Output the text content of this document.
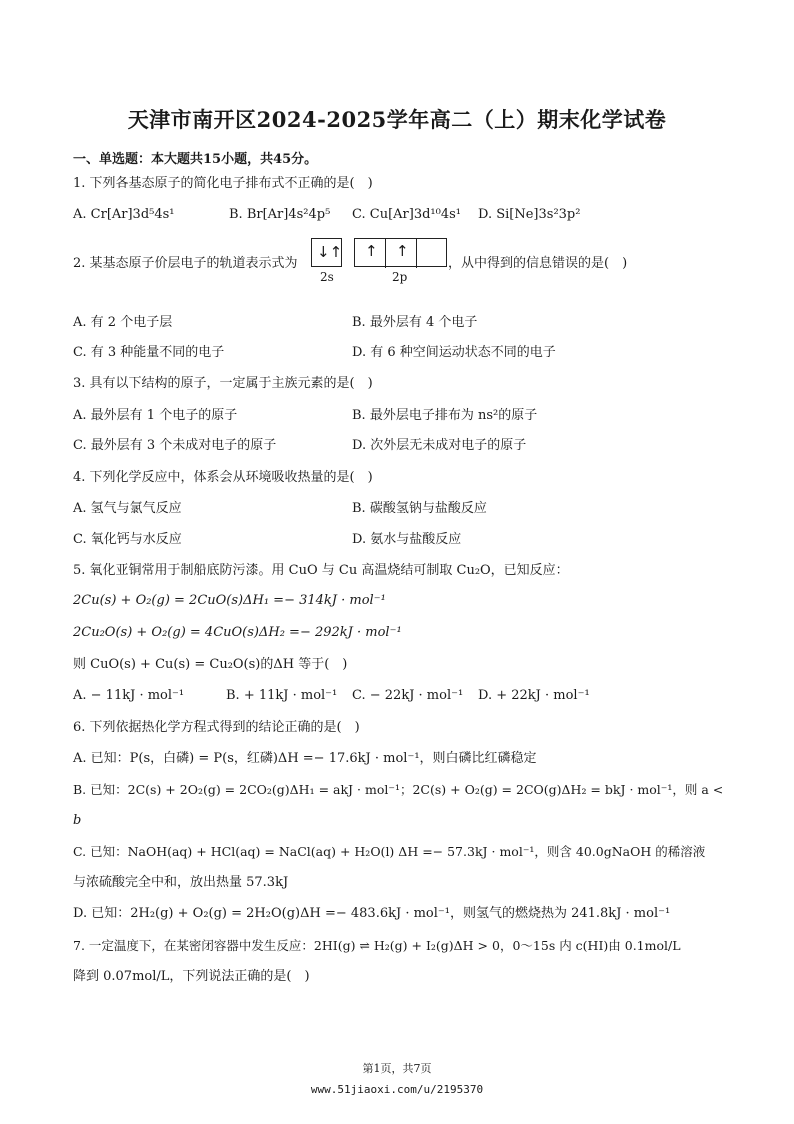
天津市南开区2024-2025学年高二（上）期末化学试卷
一、单选题：本大题共15小题，共45分。
1. 下列各基态原子的简化电子排布式不正确的是(　)
A. Cr[Ar]3d⁵4s¹	B. Br[Ar]4s²4p⁵ C. Cu[Ar]3d¹⁰4s¹ D. Si[Ne]3s²3p²
2. 某基态原子价层电子的轨道表示式为
↓↑ ↑ ↑
2s	2p
，从中得到的信息错误的是(　)
A. 有 2 个电子层	B. 最外层有 4 个电子
C. 有 3 种能量不同的电子	D. 有 6 种空间运动状态不同的电子
3. 具有以下结构的原子，一定属于主族元素的是(　)
A. 最外层有 1 个电子的原子	B. 最外层电子排布为 ns²的原子
C. 最外层有 3 个未成对电子的原子	D. 次外层无未成对电子的原子
4. 下列化学反应中，体系会从环境吸收热量的是(　)
A. 氢气与氯气反应	B. 碳酸氢钠与盐酸反应
C. 氧化钙与水反应	D. 氨水与盐酸反应
5. 氧化亚铜常用于制船底防污漆。用 CuO 与 Cu 高温烧结可制取 Cu₂O，已知反应：
2Cu(s) + O₂(g) = 2CuO(s)ΔH₁ =− 314kJ · mol⁻¹
2Cu₂O(s) + O₂(g) = 4CuO(s)ΔH₂ =− 292kJ · mol⁻¹
则 CuO(s) + Cu(s) = Cu₂O(s)的ΔH 等于(　)
A. − 11kJ · mol⁻¹	B. + 11kJ · mol⁻¹ C. − 22kJ · mol⁻¹ D. + 22kJ · mol⁻¹
6. 下列依据热化学方程式得到的结论正确的是(　)
A. 已知：P(s，白磷) = P(s，红磷)ΔH =− 17.6kJ · mol⁻¹，则白磷比红磷稳定
B. 已知：2C(s) + 2O₂(g) = 2CO₂(g)ΔH₁ = akJ · mol⁻¹；2C(s) + O₂(g) = 2CO(g)ΔH₂ = bkJ · mol⁻¹，则 a <
b
C. 已知：NaOH(aq) + HCl(aq) = NaCl(aq) + H₂O(l) ΔH =− 57.3kJ · mol⁻¹，则含 40.0gNaOH 的稀溶液
与浓硫酸完全中和，放出热量 57.3kJ
D. 已知：2H₂(g) + O₂(g) = 2H₂O(g)ΔH =− 483.6kJ · mol⁻¹，则氢气的燃烧热为 241.8kJ · mol⁻¹
7. 一定温度下，在某密闭容器中发生反应：2HI(g) ⇌ H₂(g) + I₂(g)ΔH > 0，0～15s 内 c(HI)由 0.1mol/L
降到 0.07mol/L，下列说法正确的是(　)
第1页，共7页
www.51jiaoxi.com/u/2195370
